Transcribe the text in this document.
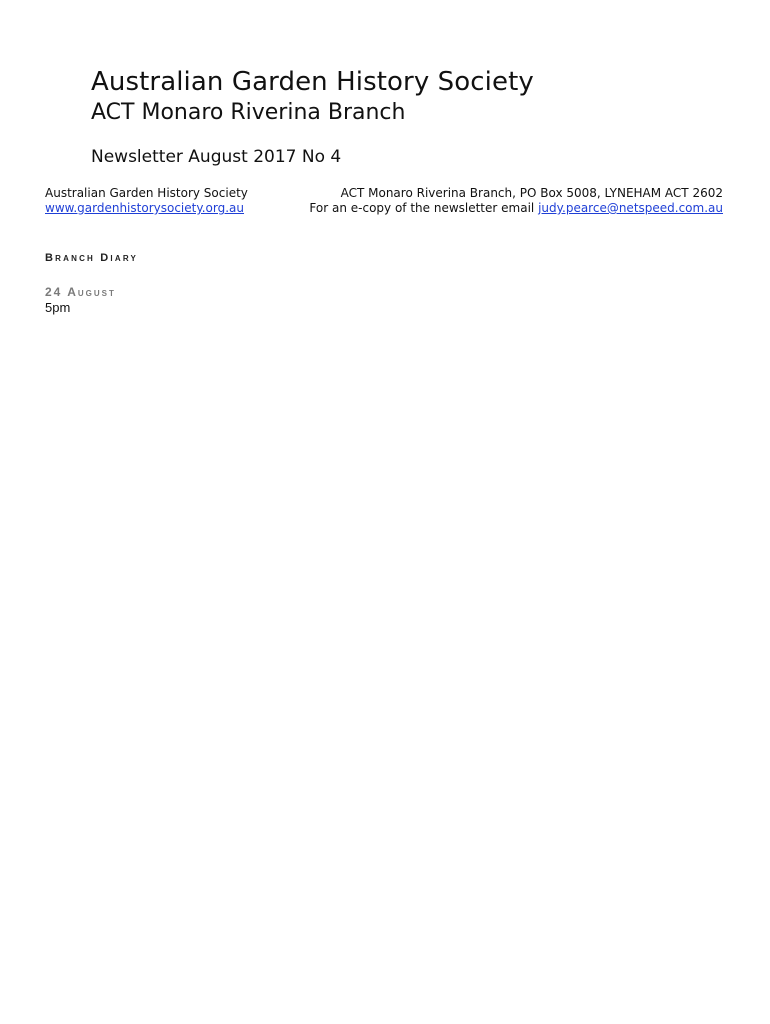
Australian Garden History Society
ACT Monaro Riverina Branch
Newsletter August 2017 No 4
Australian Garden History Society
www.gardenhistorysociety.org.au
ACT Monaro Riverina Branch, PO Box 5008, LYNEHAM ACT 2602
For an e-copy of the newsletter email judy.pearce@netspeed.com.au
Branch Diary
24 August
5pm
